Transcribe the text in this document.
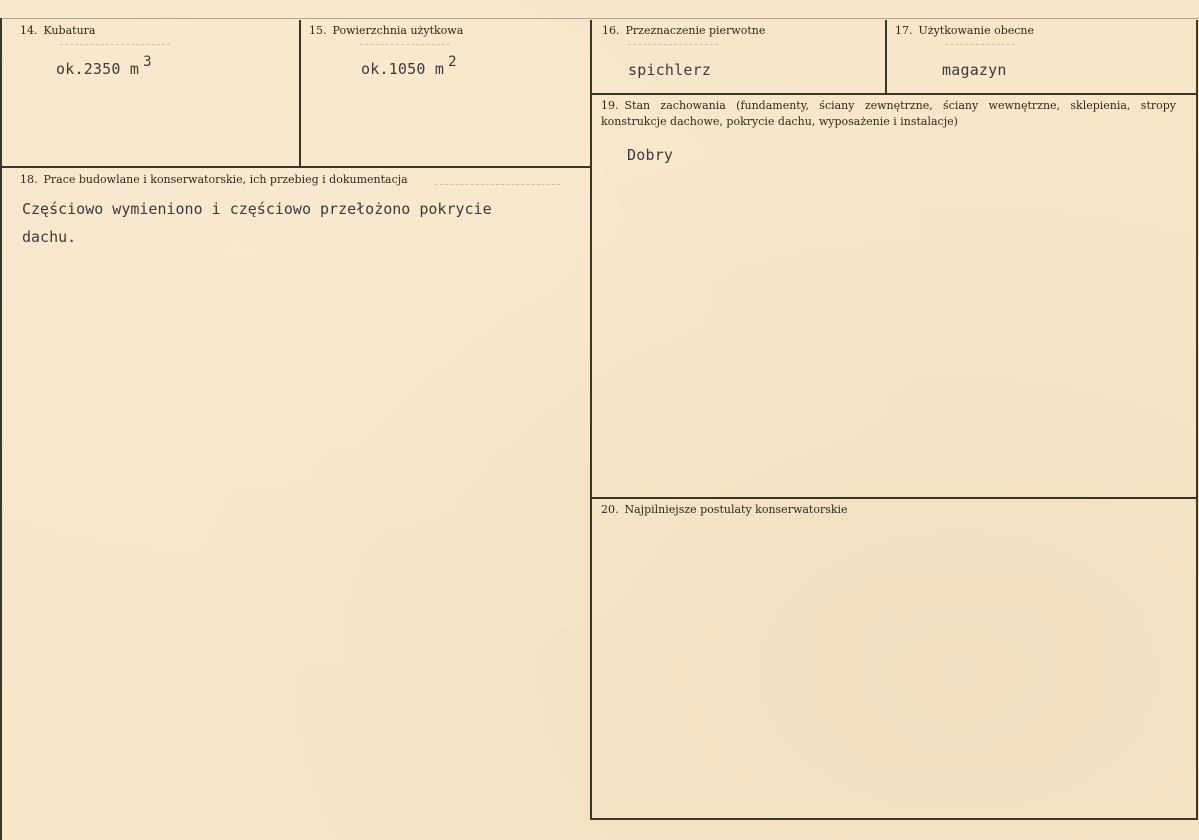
14. Kubatura
ok.2350 m 3
15. Powierzchnia użytkowa
ok.1050 m 2
16. Przeznaczenie pierwotne
spichlerz
17. Użytkowanie obecne
magazyn
19. Stan zachowania (fundamenty, ściany zewnętrzne, ściany wewnętrzne, sklepienia, stropy konstrukcje dachowe, pokrycie dachu, wyposażenie i instalacje)
Dobry
18. Prace budowlane i konserwatorskie, ich przebieg i dokumentacja
Częściowo wymieniono i częściowo przełożono pokrycie
dachu.
20. Najpilniejsze postulaty konserwatorskie
